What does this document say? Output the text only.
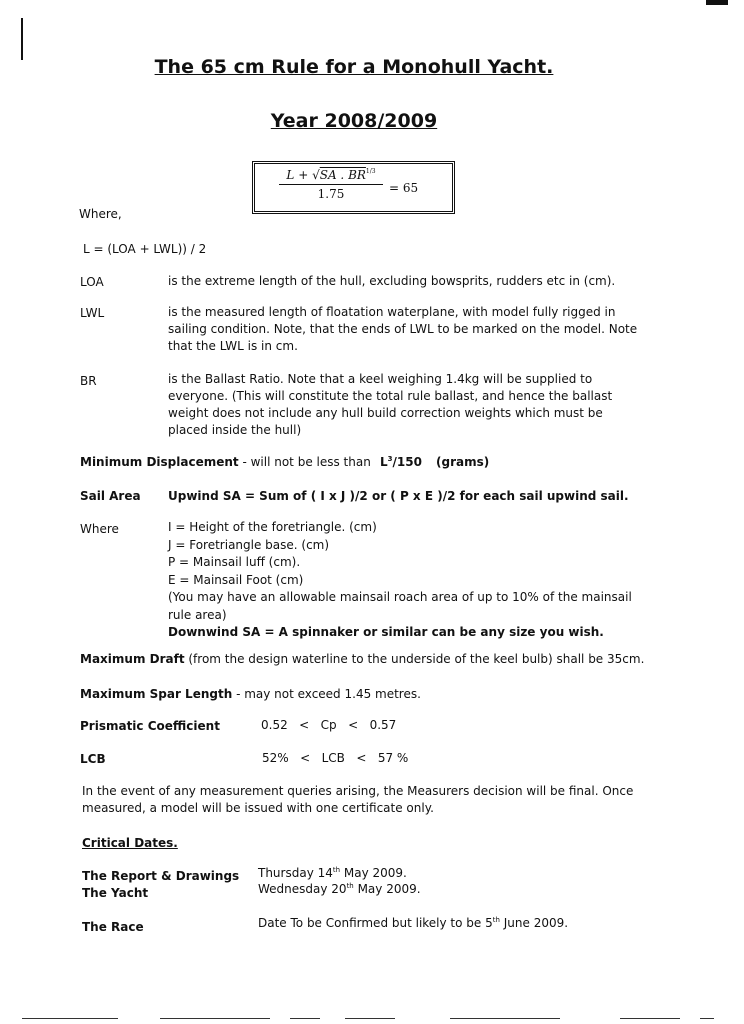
The 65 cm Rule for a Monohull Yacht.
Year 2008/2009
$\frac{L + √SA . BR^{1/3}}{1.75} = 65$
Where,
L = (LOA + LWL)) / 2
LOA	is the extreme length of the hull, excluding bowsprits, rudders etc in (cm).
LWL	is the measured length of floatation waterplane, with model fully rigged in sailing condition. Note, that the ends of LWL to be marked on the model. Note that the LWL is in cm.
BR	is the Ballast Ratio. Note that a keel weighing 1.4kg will be supplied to everyone. (This will constitute the total rule ballast, and hence the ballast weight does not include any hull build correction weights which must be placed inside the hull)
Minimum Displacement - will not be less than $L^3/150$ (grams)
Sail Area Upwind SA = Sum of ( I x J )/2 or ( P x E )/2 for each sail upwind sail.
Where	I = Height of the foretriangle. (cm)
J = Foretriangle base. (cm)
P = Mainsail luff (cm).
E = Mainsail Foot (cm)
(You may have an allowable mainsail roach area of up to 10% of the mainsail rule area)
Downwind SA = A spinnaker or similar can be any size you wish.
Maximum Draft (from the design waterline to the underside of the keel bulb) shall be 35cm.
Maximum Spar Length - may not exceed 1.45 metres.
Prismatic Coefficient	0.52   <   Cp   <   0.57
LCB	52%   <   LCB   <   57 %
In the event of any measurement queries arising, the Measurers decision will be final. Once measured, a model will be issued with one certificate only.
Critical Dates.
The Report & Drawings Thursday 14th May 2009.
The Yacht	Wednesday 20th May 2009.
The Race	Date To be Confirmed but likely to be 5th June 2009.
